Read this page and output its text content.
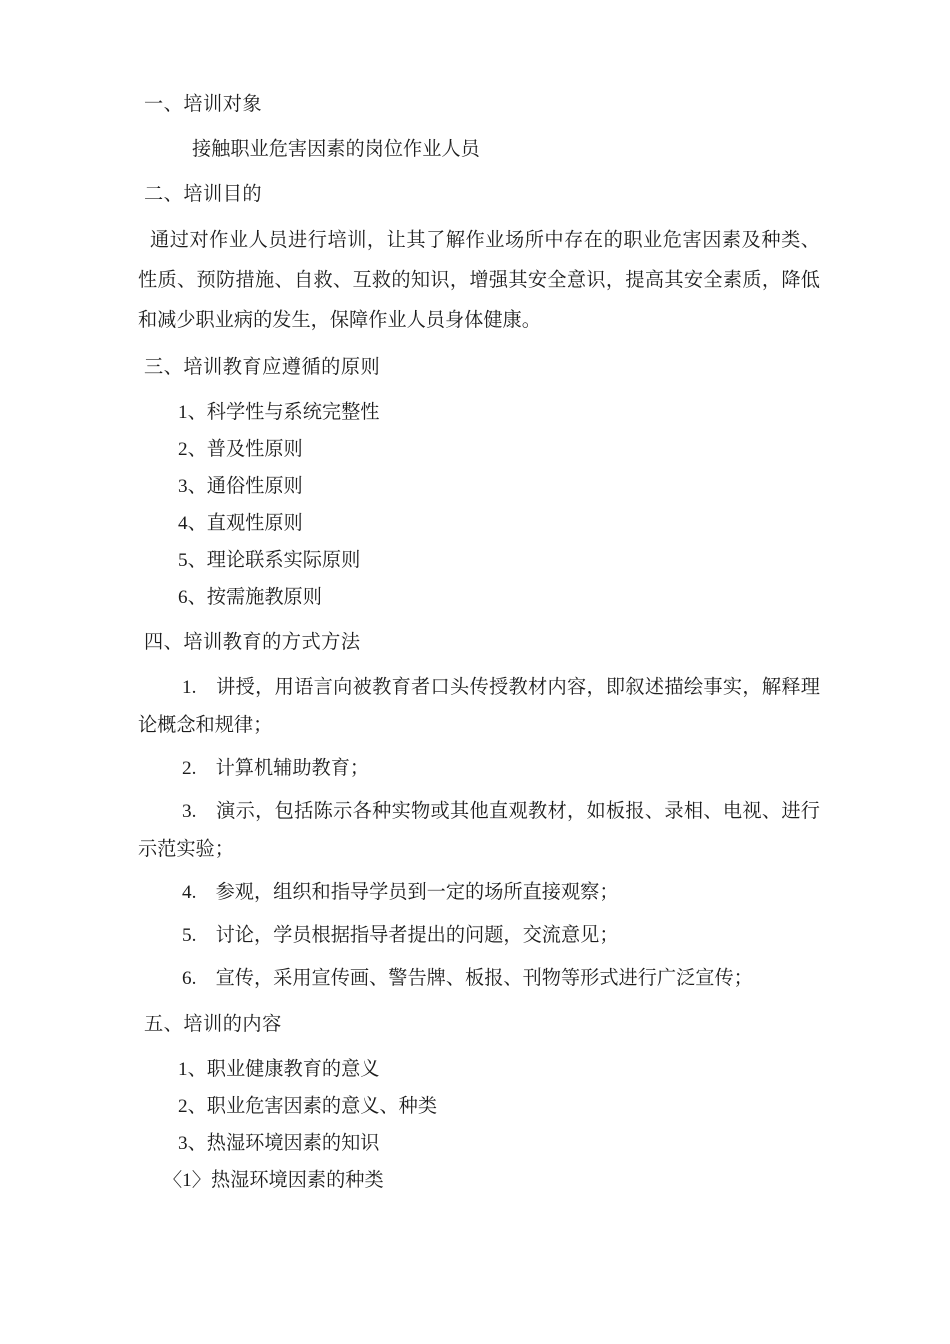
一、培训对象
接触职业危害因素的岗位作业人员
二、培训目的

通过对作业人员进行培训，让其了解作业场所中存在的职业危害因素及种类、性质、预防措施、自救、互救的知识，增强其安全意识，提高其安全素质，降低和减少职业病的发生，保障作业人员身体健康。

三、培训教育应遵循的原则
1、科学性与系统完整性
2、普及性原则
3、通俗性原则
4、直观性原则
5、理论联系实际原则
6、按需施教原则
四、培训教育的方式方法

1.　讲授，用语言向被教育者口头传授教材内容，即叙述描绘事实，解释理论概念和规律；

2.　计算机辅助教育；

3.　演示，包括陈示各种实物或其他直观教材，如板报、录相、电视、进行示范实验；

4.　参观，组织和指导学员到一定的场所直接观察；

5.　讨论，学员根据指导者提出的问题，交流意见；

6.　宣传，采用宣传画、警告牌、板报、刊物等形式进行广泛宣传；

五、培训的内容
1、职业健康教育的意义
2、职业危害因素的意义、种类
3、热湿环境因素的知识
〈1〉热湿环境因素的种类
